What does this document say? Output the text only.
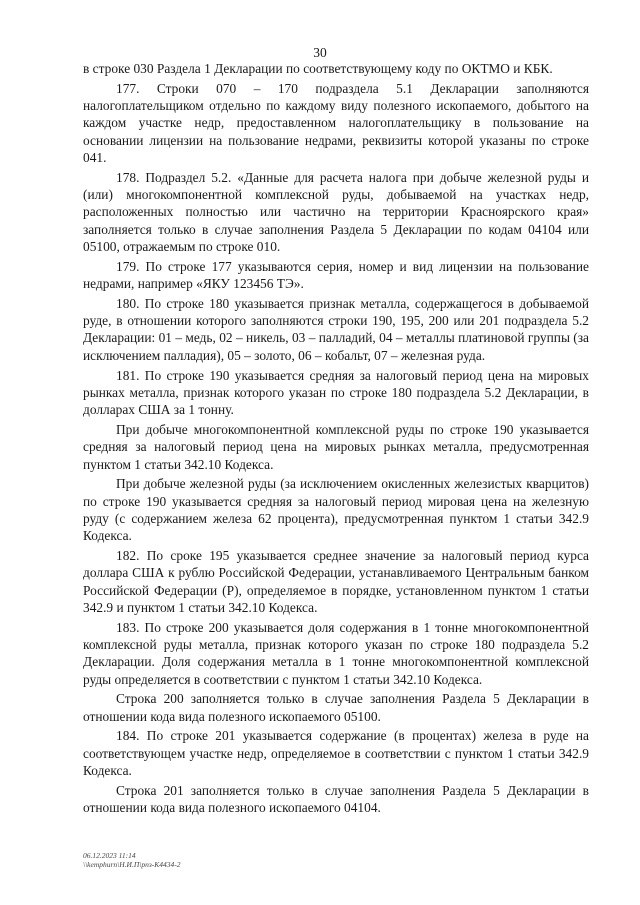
30

в строке 030 Раздела 1 Декларации по соответствующему коду по ОКТМО и КБК.

177. Строки 070 – 170 подраздела 5.1 Декларации заполняются налогоплательщиком отдельно по каждому виду полезного ископаемого, добытого на каждом участке недр, предоставленном налогоплательщику в пользование на основании лицензии на пользование недрами, реквизиты которой указаны по строке 041.

178. Подраздел 5.2. «Данные для расчета налога при добыче железной руды и (или) многокомпонентной комплексной руды, добываемой на участках недр, расположенных полностью или частично на территории Красноярского края» заполняется только в случае заполнения Раздела 5 Декларации по кодам 04104 или 05100, отражаемым по строке 010.

179. По строке 177 указываются серия, номер и вид лицензии на пользование недрами, например «ЯКУ 123456 ТЭ».

180. По строке 180 указывается признак металла, содержащегося в добываемой руде, в отношении которого заполняются строки 190, 195, 200 или 201 подраздела 5.2 Декларации: 01 – медь, 02 – никель, 03 – палладий, 04 – металлы платиновой группы (за исключением палладия), 05 – золото, 06 – кобальт, 07 – железная руда.

181. По строке 190 указывается средняя за налоговый период цена на мировых рынках металла, признак которого указан по строке 180 подраздела 5.2 Декларации, в долларах США за 1 тонну.

При добыче многокомпонентной комплексной руды по строке 190 указывается средняя за налоговый период цена на мировых рынках металла, предусмотренная пунктом 1 статьи 342.10 Кодекса.

При добыче железной руды (за исключением окисленных железистых кварцитов) по строке 190 указывается средняя за налоговый период мировая цена на железную руду (с содержанием железа 62 процента), предусмотренная пунктом 1 статьи 342.9 Кодекса.

182. По сроке 195 указывается среднее значение за налоговый период курса доллара США к рублю Российской Федерации, устанавливаемого Центральным банком Российской Федерации (Р), определяемое в порядке, установленном пунктом 1 статьи 342.9 и пунктом 1 статьи 342.10 Кодекса.

183. По строке 200 указывается доля содержания в 1 тонне многокомпонентной комплексной руды металла, признак которого указан по строке 180 подраздела 5.2 Декларации. Доля содержания металла в 1 тонне многокомпонентной комплексной руды определяется в соответствии с пунктом 1 статьи 342.10 Кодекса.

Строка 200 заполняется только в случае заполнения Раздела 5 Декларации в отношении кода вида полезного ископаемого 05100.

184. По строке 201 указывается содержание (в процентах) железа в руде на соответствующем участке недр, определяемое в соответствии с пунктом 1 статьи 342.9 Кодекса.

Строка 201 заполняется только в случае заполнения Раздела 5 Декларации в отношении кода вида полезного ископаемого 04104.

06.12.2023 11:14
\\kemphurn\Н.И.П\рпз-К4434-2
